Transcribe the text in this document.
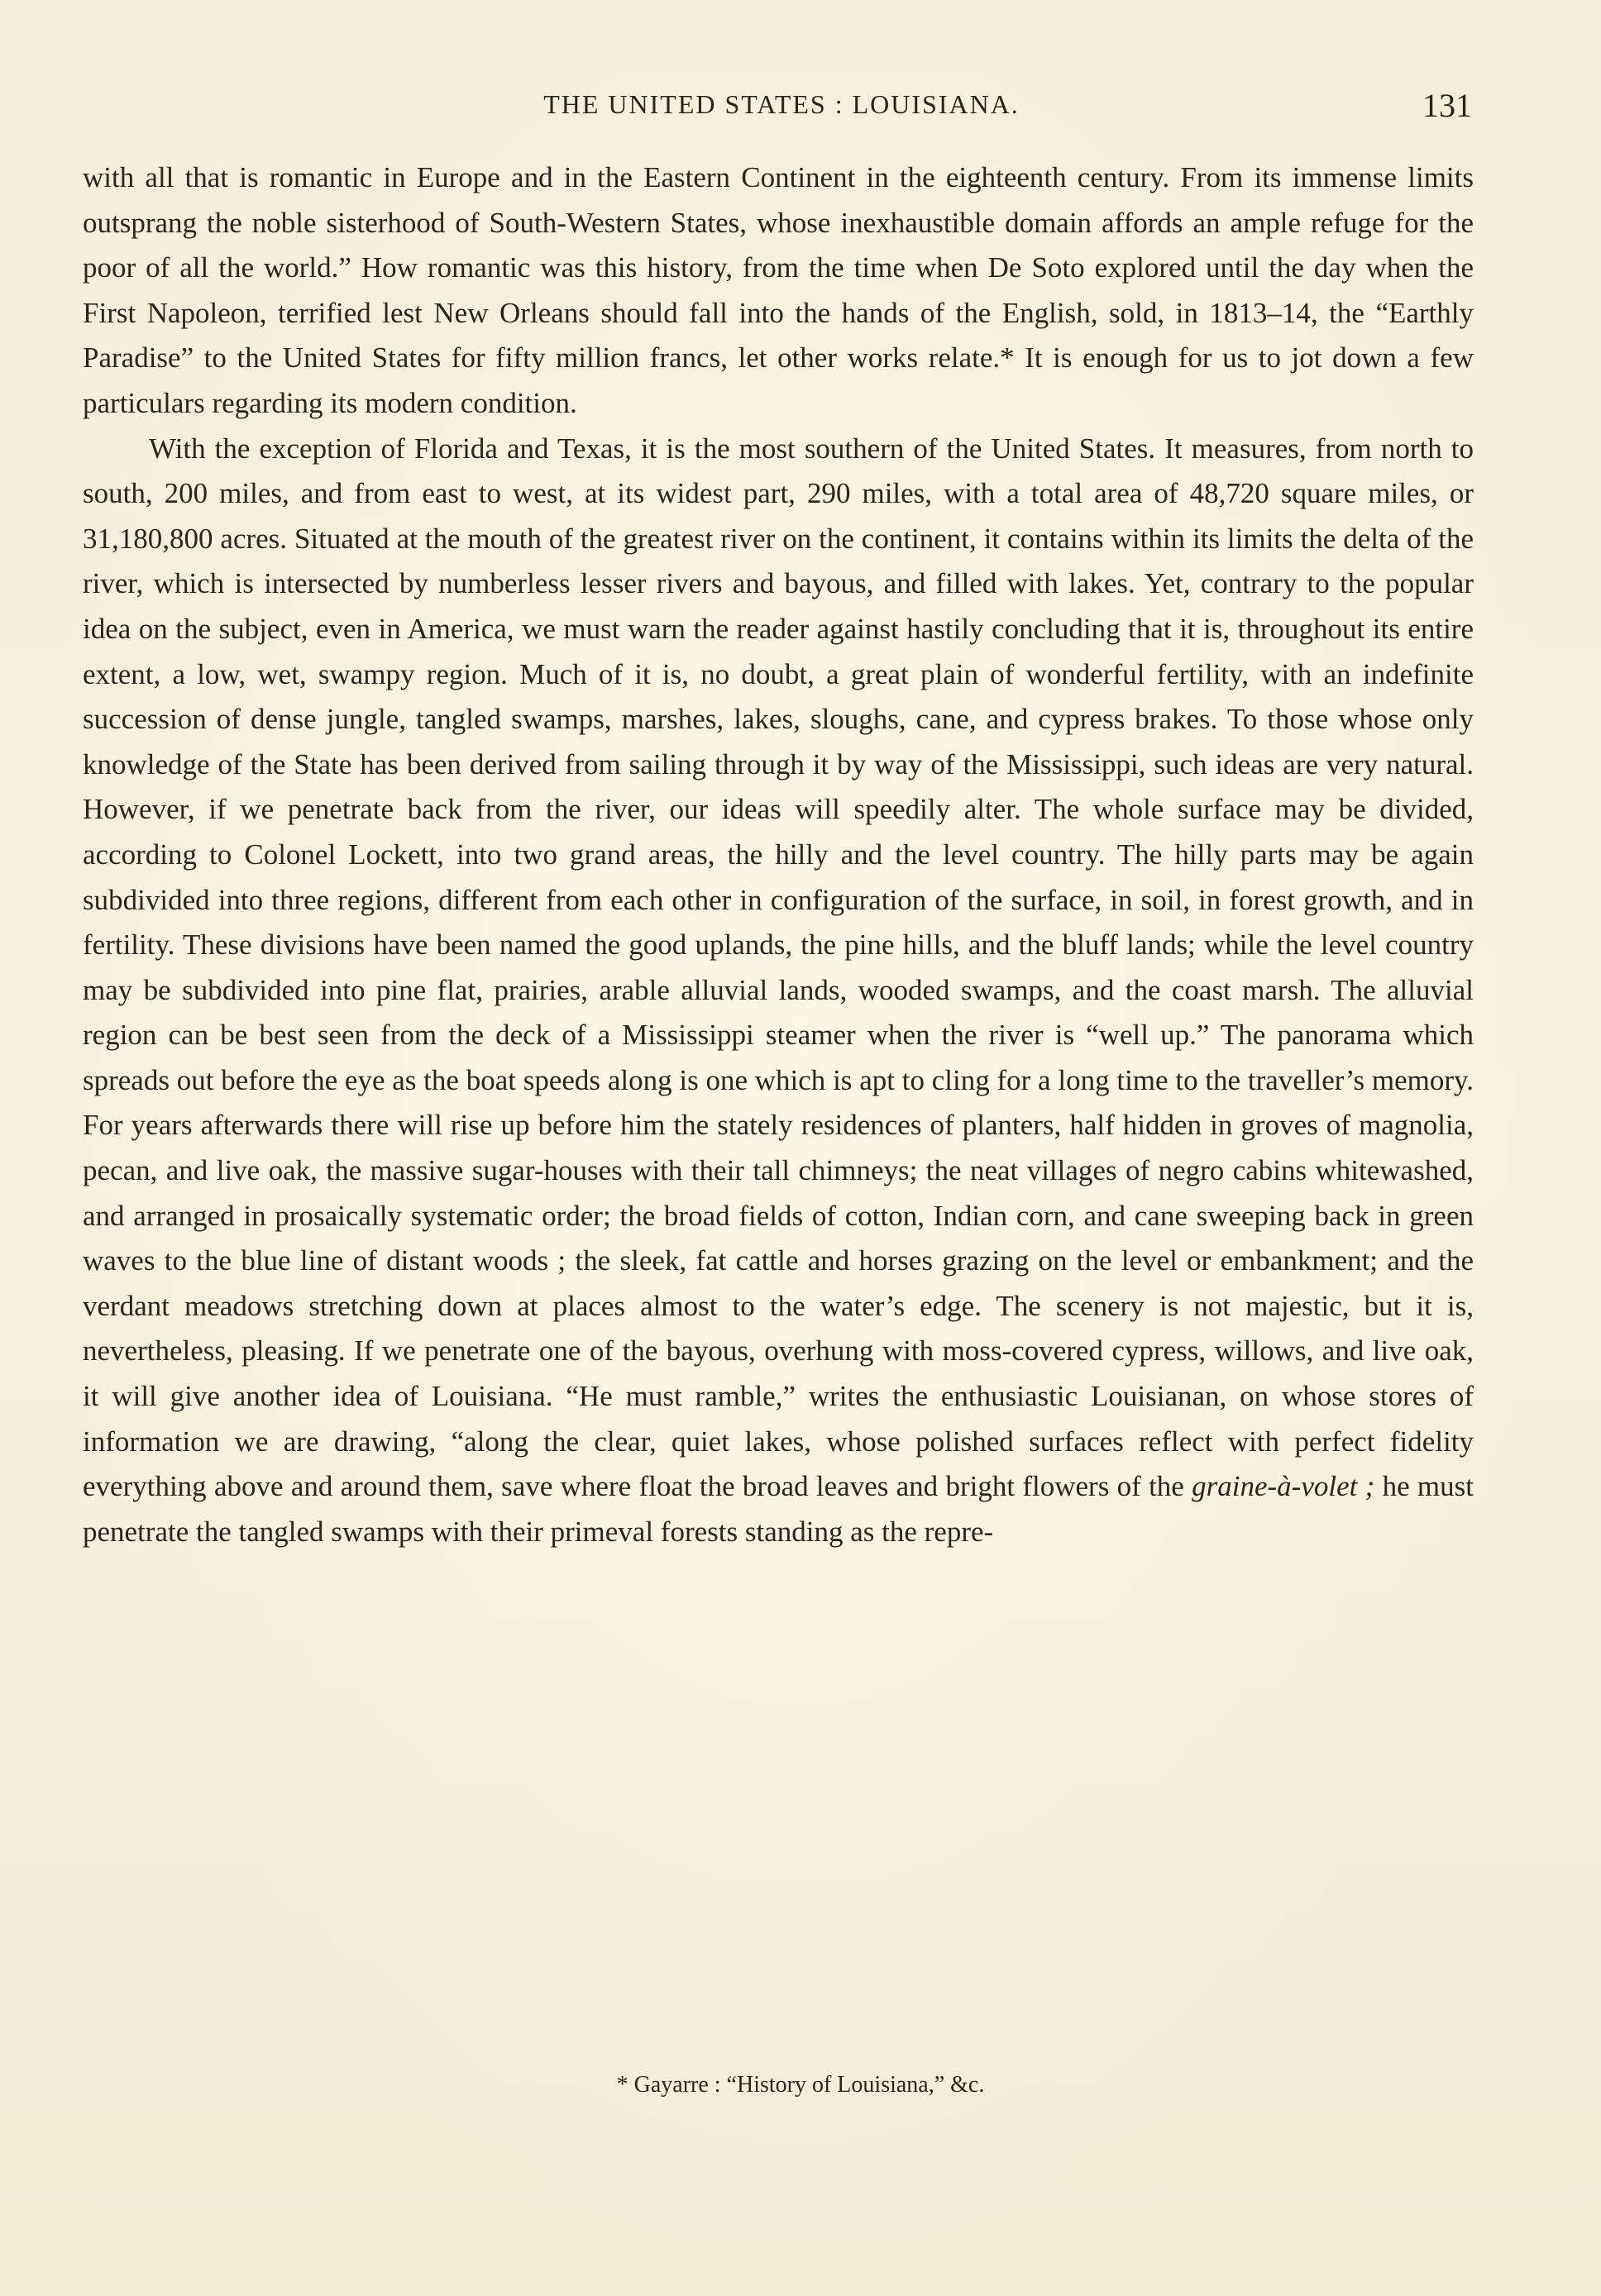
THE UNITED STATES : LOUISIANA.	131

with all that is romantic in Europe and in the Eastern Continent in the eighteenth century. From its immense limits outsprang the noble sisterhood of South-Western States, whose inexhaustible domain affords an ample refuge for the poor of all the world.” How romantic was this history, from the time when De Soto explored until the day when the First Napoleon, terrified lest New Orleans should fall into the hands of the English, sold, in 1813–14, the “Earthly Paradise” to the United States for fifty million francs, let other works relate.* It is enough for us to jot down a few particulars regarding its modern condition.

With the exception of Florida and Texas, it is the most southern of the United States. It measures, from north to south, 200 miles, and from east to west, at its widest part, 290 miles, with a total area of 48,720 square miles, or 31,180,800 acres. Situated at the mouth of the greatest river on the continent, it contains within its limits the delta of the river, which is intersected by numberless lesser rivers and bayous, and filled with lakes. Yet, contrary to the popular idea on the subject, even in America, we must warn the reader against hastily concluding that it is, throughout its entire extent, a low, wet, swampy region. Much of it is, no doubt, a great plain of wonderful fertility, with an indefinite succession of dense jungle, tangled swamps, marshes, lakes, sloughs, cane, and cypress brakes. To those whose only knowledge of the State has been derived from sailing through it by way of the Mississippi, such ideas are very natural. However, if we penetrate back from the river, our ideas will speedily alter. The whole surface may be divided, according to Colonel Lockett, into two grand areas, the hilly and the level country. The hilly parts may be again subdivided into three regions, different from each other in configuration of the surface, in soil, in forest growth, and in fertility. These divisions have been named the good uplands, the pine hills, and the bluff lands; while the level country may be subdivided into pine flat, prairies, arable alluvial lands, wooded swamps, and the coast marsh. The alluvial region can be best seen from the deck of a Mississippi steamer when the river is “well up.” The panorama which spreads out before the eye as the boat speeds along is one which is apt to cling for a long time to the traveller’s memory. For years afterwards there will rise up before him the stately residences of planters, half hidden in groves of magnolia, pecan, and live oak, the massive sugar-houses with their tall chimneys; the neat villages of negro cabins whitewashed, and arranged in prosaically systematic order; the broad fields of cotton, Indian corn, and cane sweeping back in green waves to the blue line of distant woods ; the sleek, fat cattle and horses grazing on the level or embankment; and the verdant meadows stretching down at places almost to the water’s edge. The scenery is not majestic, but it is, nevertheless, pleasing. If we penetrate one of the bayous, overhung with moss-covered cypress, willows, and live oak, it will give another idea of Louisiana. “He must ramble,” writes the enthusiastic Louisianan, on whose stores of information we are drawing, “along the clear, quiet lakes, whose polished surfaces reflect with perfect fidelity everything above and around them, save where float the broad leaves and bright flowers of the graine-à-volet ; he must penetrate the tangled swamps with their primeval forests standing as the repre-

* Gayarre : “History of Louisiana,” &c.
